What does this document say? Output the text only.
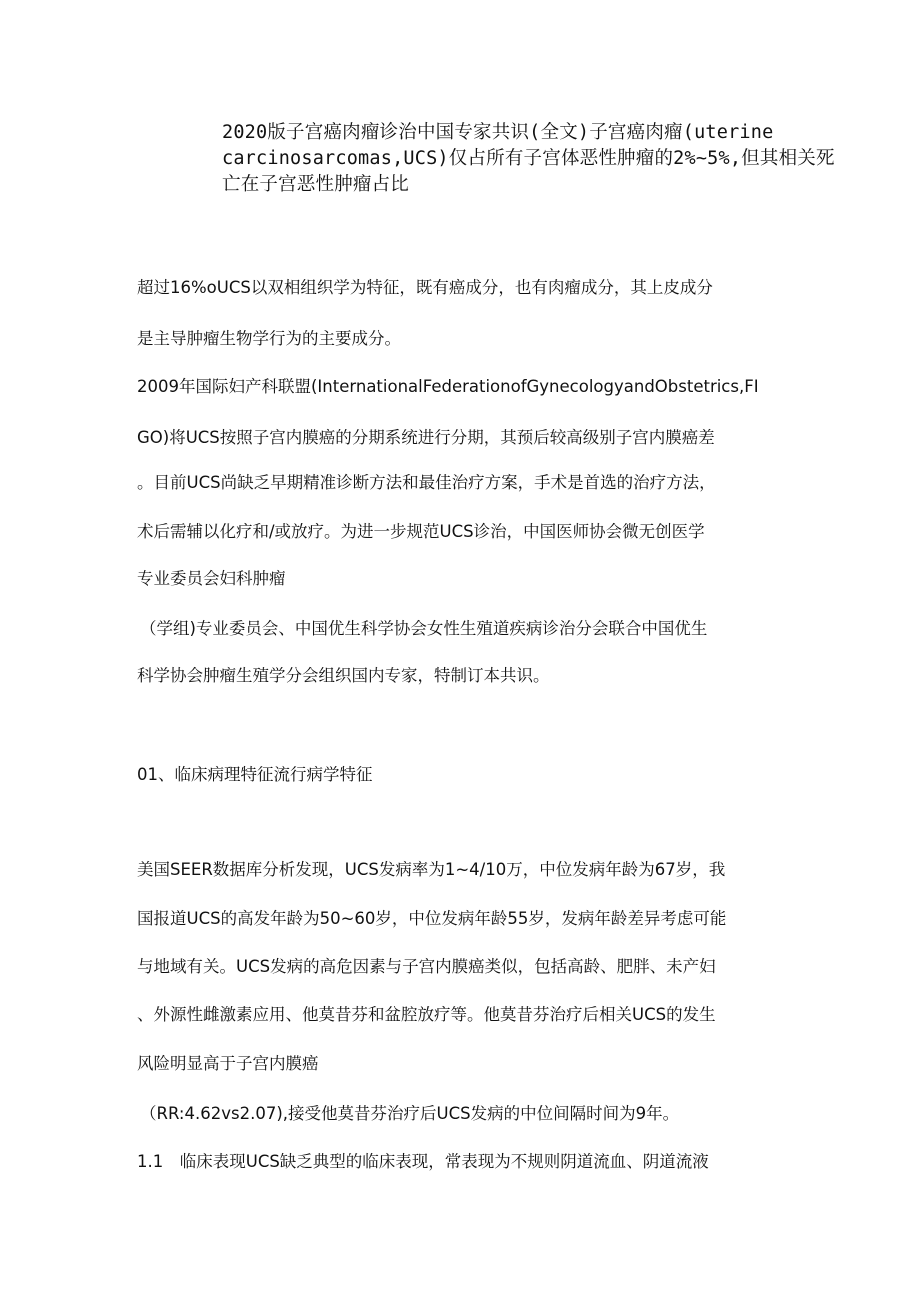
2020版子宫癌肉瘤诊治中国专家共识(全文)子宫癌肉瘤(uterine
carcinosarcomas,UCS)仅占所有子宫体恶性肿瘤的2%~5%,但其相关死
亡在子宫恶性肿瘤占比
超过16%oUCS以双相组织学为特征，既有癌成分，也有肉瘤成分，其上皮成分
是主导肿瘤生物学行为的主要成分。
2009年国际妇产科联盟(InternationalFederationofGynecologyandObstetrics,FI
GO)将UCS按照子宫内膜癌的分期系统进行分期，其预后较高级别子宫内膜癌差
。目前UCS尚缺乏早期精准诊断方法和最佳治疗方案，手术是首选的治疗方法，
术后需辅以化疗和/或放疗。为进一步规范UCS诊治，中国医师协会微无创医学
专业委员会妇科肿瘤
（学组)专业委员会、中国优生科学协会女性生殖道疾病诊治分会联合中国优生
科学协会肿瘤生殖学分会组织国内专家，特制订本共识。
01、临床病理特征流行病学特征
美国SEER数据库分析发现，UCS发病率为1~4/10万，中位发病年龄为67岁，我
国报道UCS的高发年龄为50~60岁，中位发病年龄55岁，发病年龄差异考虑可能
与地域有关。UCS发病的高危因素与子宫内膜癌类似，包括高龄、肥胖、未产妇
、外源性雌激素应用、他莫昔芬和盆腔放疗等。他莫昔芬治疗后相关UCS的发生
风险明显高于子宫内膜癌
（RR:4.62vs2.07),接受他莫昔芬治疗后UCS发病的中位间隔时间为9年。
1.1　临床表现UCS缺乏典型的临床表现，常表现为不规则阴道流血、阴道流液
